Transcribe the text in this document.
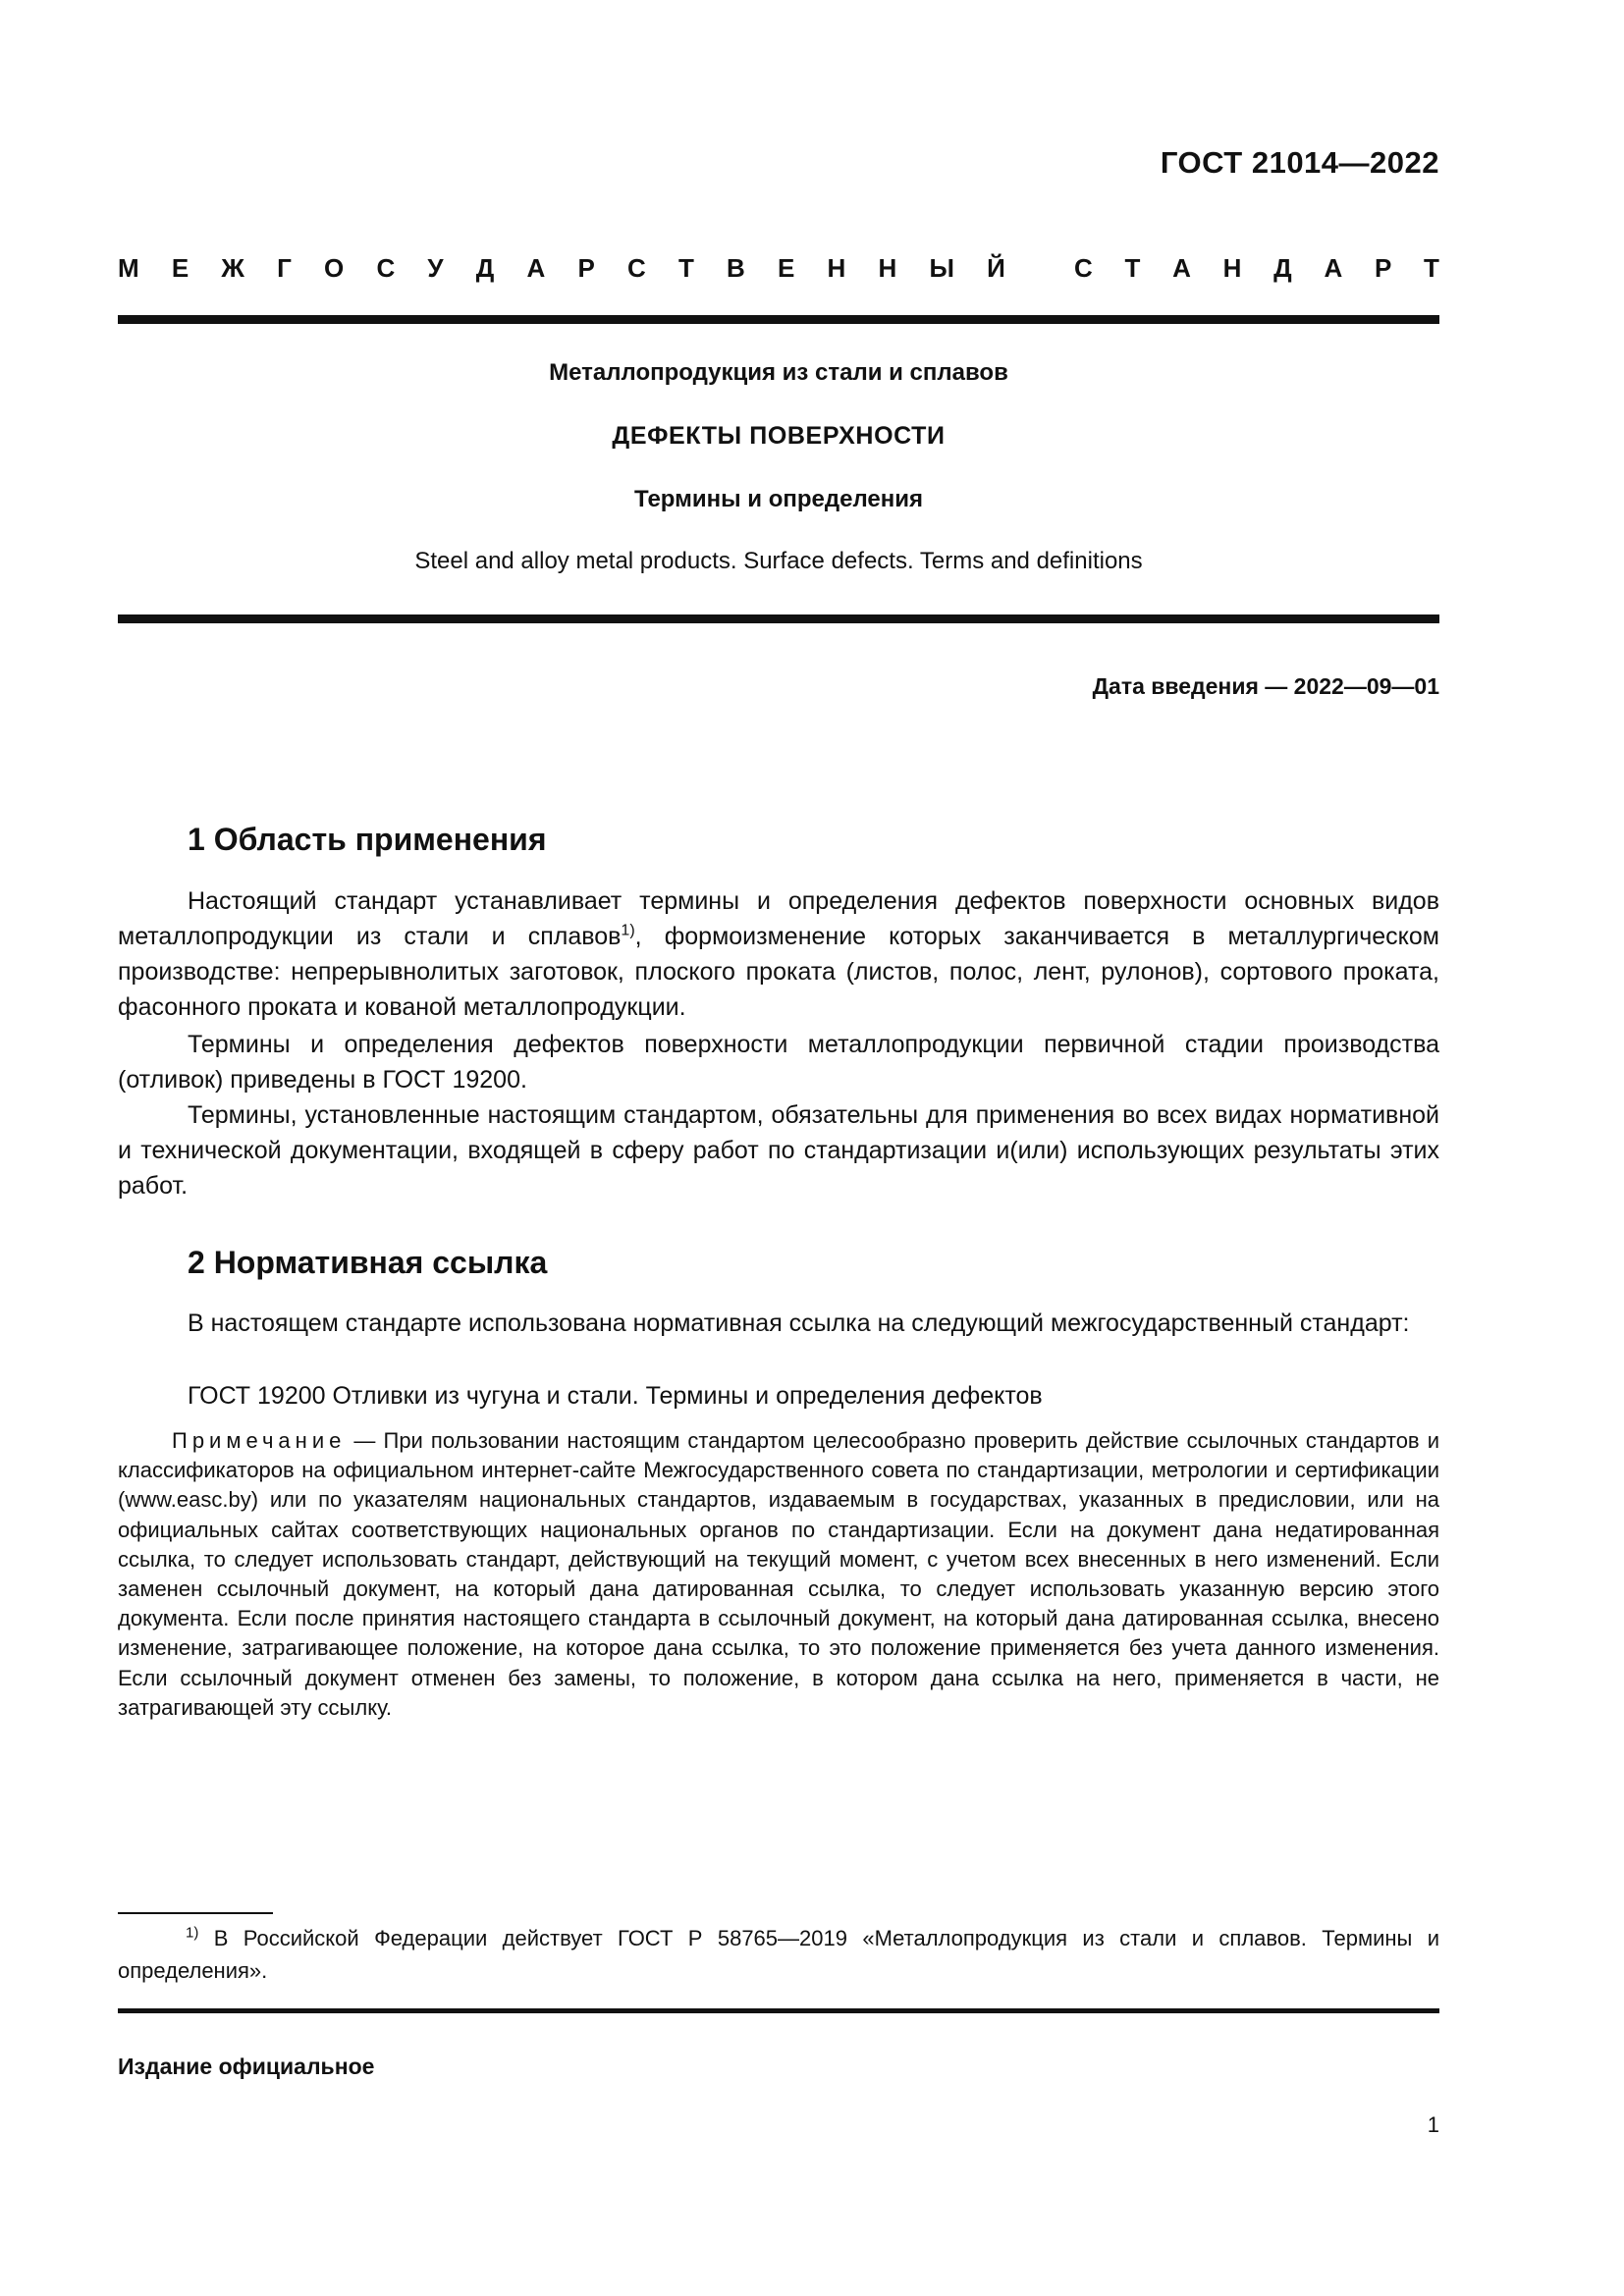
ГОСТ 21014—2022
М Е Ж Г О С У Д А Р С Т В Е Н Н Ы Й	С Т А Н Д А Р Т
Металлопродукция из стали и сплавов
ДЕФЕКТЫ ПОВЕРХНОСТИ
Термины и определения
Steel and alloy metal products. Surface defects. Terms and definitions
Дата введения — 2022—09—01
1 Область применения

Настоящий стандарт устанавливает термины и определения дефектов поверхности основных видов металлопродукции из стали и сплавов$^{1)}$, формоизменение которых заканчивается в металлургическом производстве: непрерывнолитых заготовок, плоского проката (листов, полос, лент, рулонов), сортового проката, фасонного проката и кованой металлопродукции.

Термины и определения дефектов поверхности металлопродукции первичной стадии производства (отливок) приведены в ГОСТ 19200.

Термины, установленные настоящим стандартом, обязательны для применения во всех видах нормативной и технической документации, входящей в сферу работ по стандартизации и(или) использующих результаты этих работ.

2 Нормативная ссылка

В настоящем стандарте использована нормативная ссылка на следующий межгосударственный стандарт:

ГОСТ 19200 Отливки из чугуна и стали. Термины и определения дефектов

Примечание — При пользовании настоящим стандартом целесообразно проверить действие ссылочных стандартов и классификаторов на официальном интернет-сайте Межгосударственного совета по стандартизации, метрологии и сертификации (www.easc.by) или по указателям национальных стандартов, издаваемым в государствах, указанных в предисловии, или на официальных сайтах соответствующих национальных органов по стандартизации. Если на документ дана недатированная ссылка, то следует использовать стандарт, действующий на текущий момент, с учетом всех внесенных в него изменений. Если заменен ссылочный документ, на который дана датированная ссылка, то следует использовать указанную версию этого документа. Если после принятия настоящего стандарта в ссылочный документ, на который дана датированная ссылка, внесено изменение, затрагивающее положение, на которое дана ссылка, то это положение применяется без учета данного изменения. Если ссылочный документ отменен без замены, то положение, в котором дана ссылка на него, применяется в части, не затрагивающей эту ссылку.

$^{1)}$ В Российской Федерации действует ГОСТ Р 58765—2019 «Металлопродукция из стали и сплавов. Термины и определения».

Издание официальное
1
